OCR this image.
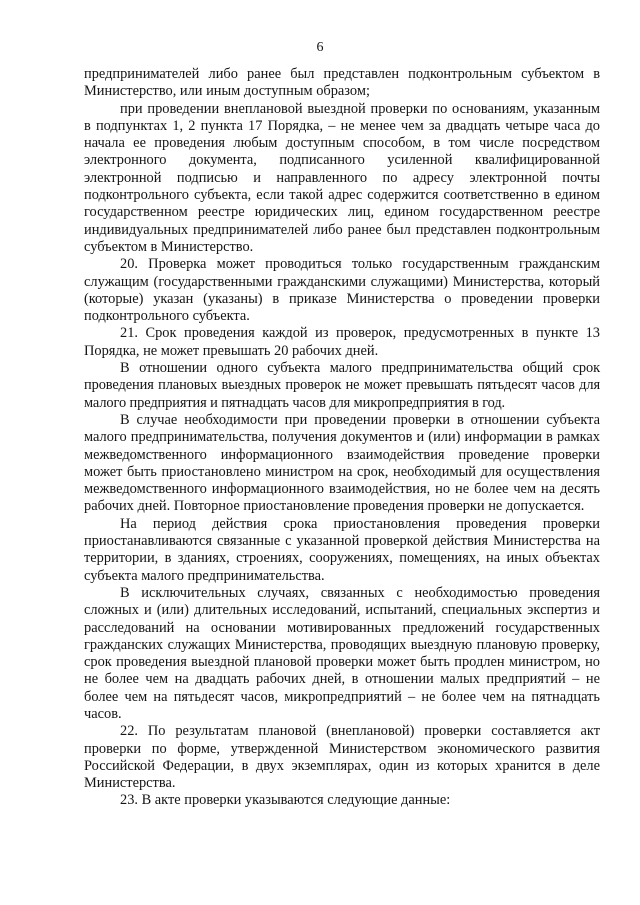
6

предпринимателей либо ранее был представлен подконтрольным субъектом в Министерство, или иным доступным образом;

при проведении внеплановой выездной проверки по основаниям, указанным в подпунктах 1, 2 пункта 17 Порядка, – не менее чем за двадцать четыре часа до начала ее проведения любым доступным способом, в том числе посредством электронного документа, подписанного усиленной квалифицированной электронной подписью и направленного по адресу электронной почты подконтрольного субъекта, если такой адрес содержится соответственно в едином государственном реестре юридических лиц, едином государственном реестре индивидуальных предпринимателей либо ранее был представлен подконтрольным субъектом в Министерство.

20. Проверка может проводиться только государственным гражданским служащим (государственными гражданскими служащими) Министерства, который (которые) указан (указаны) в приказе Министерства о проведении проверки подконтрольного субъекта.

21. Срок проведения каждой из проверок, предусмотренных в пункте 13 Порядка, не может превышать 20 рабочих дней.

В отношении одного субъекта малого предпринимательства общий срок проведения плановых выездных проверок не может превышать пятьдесят часов для малого предприятия и пятнадцать часов для микропредприятия в год.

В случае необходимости при проведении проверки в отношении субъекта малого предпринимательства, получения документов и (или) информации в рамках межведомственного информационного взаимодействия проведение проверки может быть приостановлено министром на срок, необходимый для осуществления межведомственного информационного взаимодействия, но не более чем на десять рабочих дней. Повторное приостановление проведения проверки не допускается.

На период действия срока приостановления проведения проверки приостанавливаются связанные с указанной проверкой действия Министерства на территории, в зданиях, строениях, сооружениях, помещениях, на иных объектах субъекта малого предпринимательства.

В исключительных случаях, связанных с необходимостью проведения сложных и (или) длительных исследований, испытаний, специальных экспертиз и расследований на основании мотивированных предложений государственных гражданских служащих Министерства, проводящих выездную плановую проверку, срок проведения выездной плановой проверки может быть продлен министром, но не более чем на двадцать рабочих дней, в отношении малых предприятий – не более чем на пятьдесят часов, микропредприятий – не более чем на пятнадцать часов.

22. По результатам плановой (внеплановой) проверки составляется акт проверки по форме, утвержденной Министерством экономического развития Российской Федерации, в двух экземплярах, один из которых хранится в деле Министерства.

23. В акте проверки указываются следующие данные:
